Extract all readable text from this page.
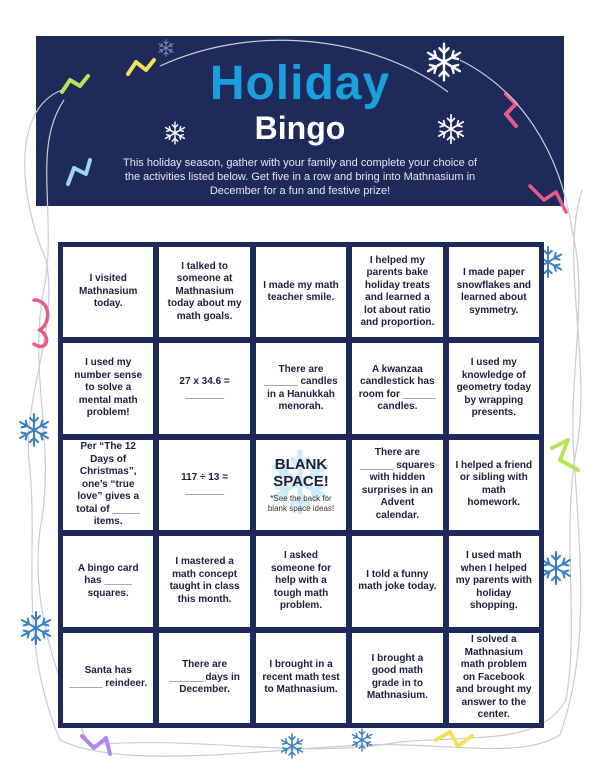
Holiday
Bingo
This holiday season, gather with your family and complete your choice of the activities listed below. Get five in a row and bring into Mathnasium in December for a fun and festive prize!
I visited Mathnasium today.
I talked to someone at Mathnasium today about my math goals.
I made my math teacher smile.
I helped my parents bake holiday treats and learned a lot about ratio and proportion.
I made paper snowflakes and learned about symmetry.
I used my number sense to solve a mental math problem!
27 x 34.6 = _______
There are ______ candles in a Hanukkah menorah.
A kwanzaa candlestick has room for ______ candles.
I used my knowledge of geometry today by wrapping presents.
Per “The 12 Days of Christmas”, one’s “true love” gives a total of _____ items.
117 ÷ 13 = _______
BLANK
SPACE!
*See the back for blank space ideas!
There are ______ squares with hidden surprises in an Advent calendar.
I helped a friend or sibling with math homework.
A bingo card has _____ squares.
I mastered a math concept taught in class this month.
I asked someone for help with a tough math problem.
I told a funny math joke today.
I used math when I helped my parents with holiday shopping.
Santa has ______ reindeer.
There are ______ days in December.
I brought in a recent math test to Mathnasium.
I brought a good math grade in to Mathnasium.
I solved a Mathnasium math problem on Facebook and brought my answer to the center.
